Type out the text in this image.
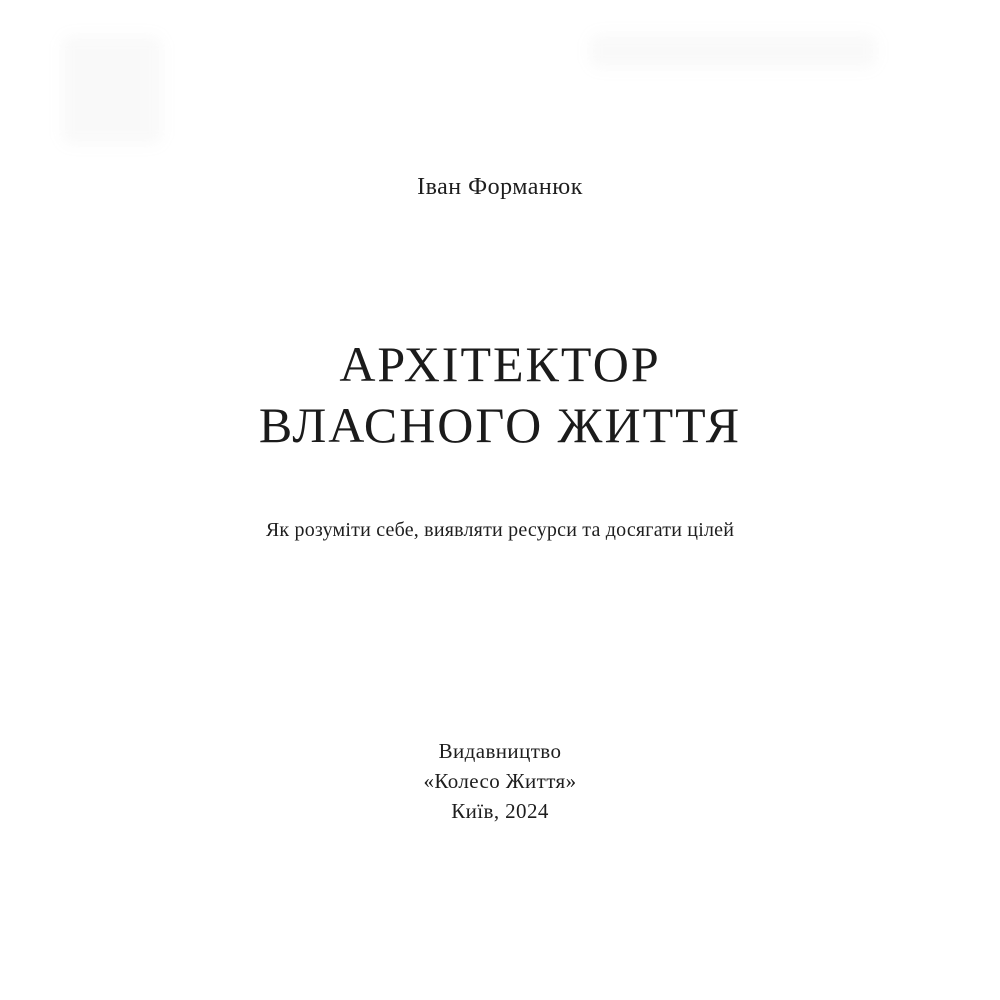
Іван Форманюк
АРХІТЕКТОР
ВЛАСНОГО ЖИТТЯ
Як розуміти себе, виявляти ресурси та досягати цілей
Видавництво
«Колесо Життя»
Київ, 2024
